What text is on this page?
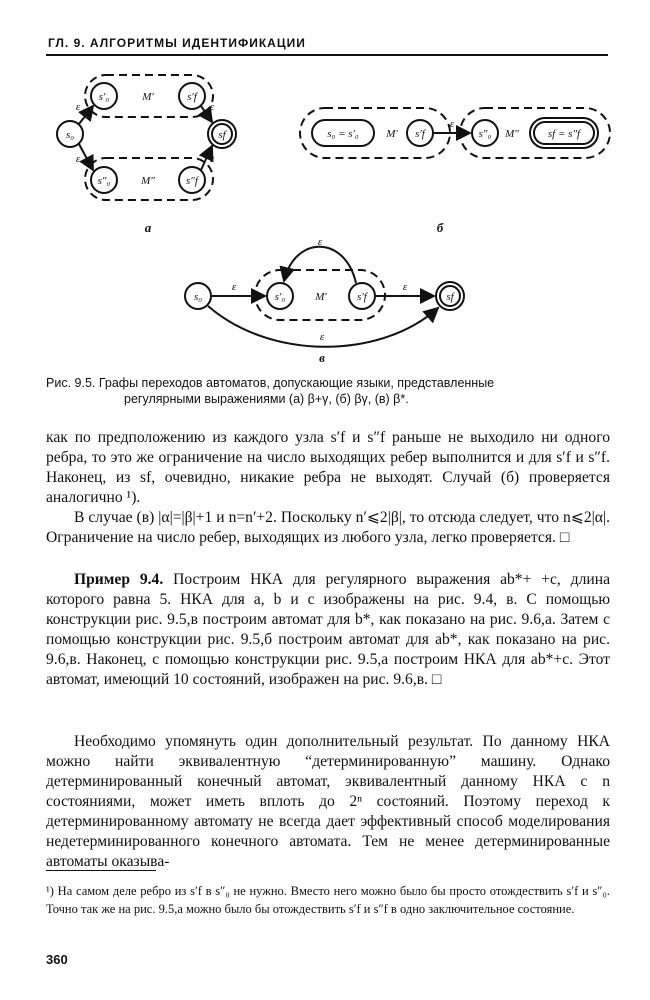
ГЛ. 9. АЛГОРИТМЫ ИДЕНТИФИКАЦИИ
s₀
s′₀	s′f
s″₀	s″f
sf
M′
M″
ε
ε
ε
ε
а
s₀ = s′₀	s′f	s″₀	sf = s″f
M′	M″
ε
б
s₀	s′₀	s′f	sf
M′
ε	ε
ε
ε
в
Рис. 9.5. Графы переходов автоматов, допускающие языки, представленные
регулярными выражениями (а) β+γ, (б) βγ, (в) β*.

как по предположению из каждого узла s′f и s″f раньше не выходило ни одного ребра, то это же ограничение на число выходящих ребер выполнится и для s′f и s″f. Наконец, из sf, очевидно, никакие ребра не выходят. Случай (б) проверяется аналогично ¹).

В случае (в) |α|=|β|+1 и n=n′+2. Поскольку n′⩽2|β|, то отсюда следует, что n⩽2|α|. Ограничение на число ребер, выходящих из любого узла, легко проверяется. □

Пример 9.4. Построим НКА для регулярного выражения ab*+ +c, длина которого равна 5. НКА для a, b и c изображены на рис. 9.4, в. С помощью конструкции рис. 9.5,в построим автомат для b*, как показано на рис. 9.6,а. Затем с помощью конструкции рис. 9.5,б построим автомат для ab*, как показано на рис. 9.6,в. Наконец, с помощью конструкции рис. 9.5,а построим НКА для ab*+c. Этот автомат, имеющий 10 состояний, изображен на рис. 9.6,в. □

Необходимо упомянуть один дополнительный результат. По данному НКА можно найти эквивалентную “детерминированную” машину. Однако детерминированный конечный автомат, эквивалентный данному НКА с n состояниями, может иметь вплоть до 2ⁿ состояний. Поэтому переход к детерминированному автомату не всегда дает эффективный способ моделирования недетерминированного конечного автомата. Тем не менее детерминированные автоматы оказыва-

¹) На самом деле ребро из s′f в s″₀ не нужно. Вместо него можно было бы просто отождествить s′f и s″₀. Точно так же на рис. 9.5,а можно было бы отождествить s′f и s″f в одно заключительное состояние.
360
